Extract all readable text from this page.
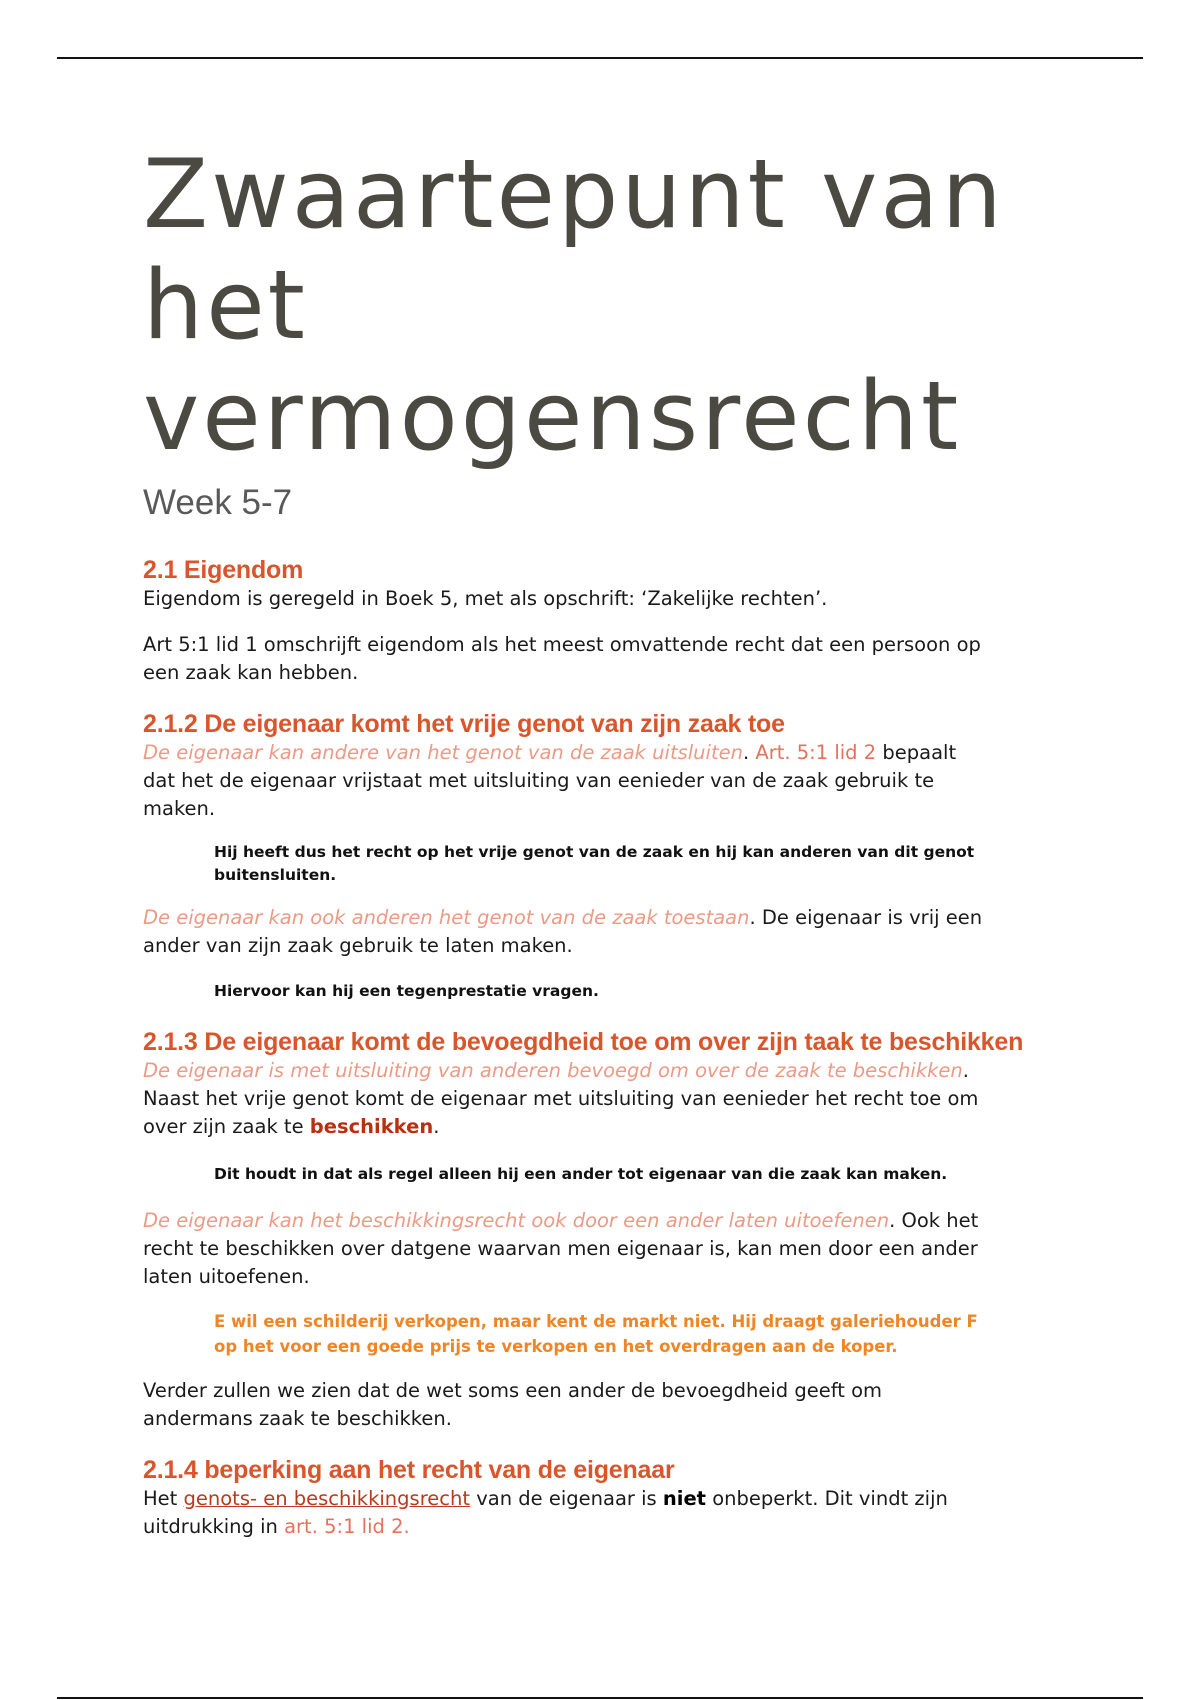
Zwaartepunt van
het
vermogensrecht
Week 5-7
2.1 Eigendom

Eigendom is geregeld in Boek 5, met als opschrift: ‘Zakelijke rechten’.

Art 5:1 lid 1 omschrijft eigendom als het meest omvattende recht dat een persoon op
een zaak kan hebben.

2.1.2 De eigenaar komt het vrije genot van zijn zaak toe

De eigenaar kan andere van het genot van de zaak uitsluiten. Art. 5:1 lid 2 bepaalt
dat het de eigenaar vrijstaat met uitsluiting van eenieder van de zaak gebruik te
maken.

Hij heeft dus het recht op het vrije genot van de zaak en hij kan anderen van dit genot
buitensluiten.

De eigenaar kan ook anderen het genot van de zaak toestaan. De eigenaar is vrij een
ander van zijn zaak gebruik te laten maken.

Hiervoor kan hij een tegenprestatie vragen.
2.1.3 De eigenaar komt de bevoegdheid toe om over zijn taak te beschikken

De eigenaar is met uitsluiting van anderen bevoegd om over de zaak te beschikken.
Naast het vrije genot komt de eigenaar met uitsluiting van eenieder het recht toe om
over zijn zaak te beschikken.

Dit houdt in dat als regel alleen hij een ander tot eigenaar van die zaak kan maken.

De eigenaar kan het beschikkingsrecht ook door een ander laten uitoefenen. Ook het
recht te beschikken over datgene waarvan men eigenaar is, kan men door een ander
laten uitoefenen.

E wil een schilderij verkopen, maar kent de markt niet. Hij draagt galeriehouder F
op het voor een goede prijs te verkopen en het overdragen aan de koper.

Verder zullen we zien dat de wet soms een ander de bevoegdheid geeft om
andermans zaak te beschikken.

2.1.4 beperking aan het recht van de eigenaar

Het genots- en beschikkingsrecht van de eigenaar is niet onbeperkt. Dit vindt zijn
uitdrukking in art. 5:1 lid 2.
